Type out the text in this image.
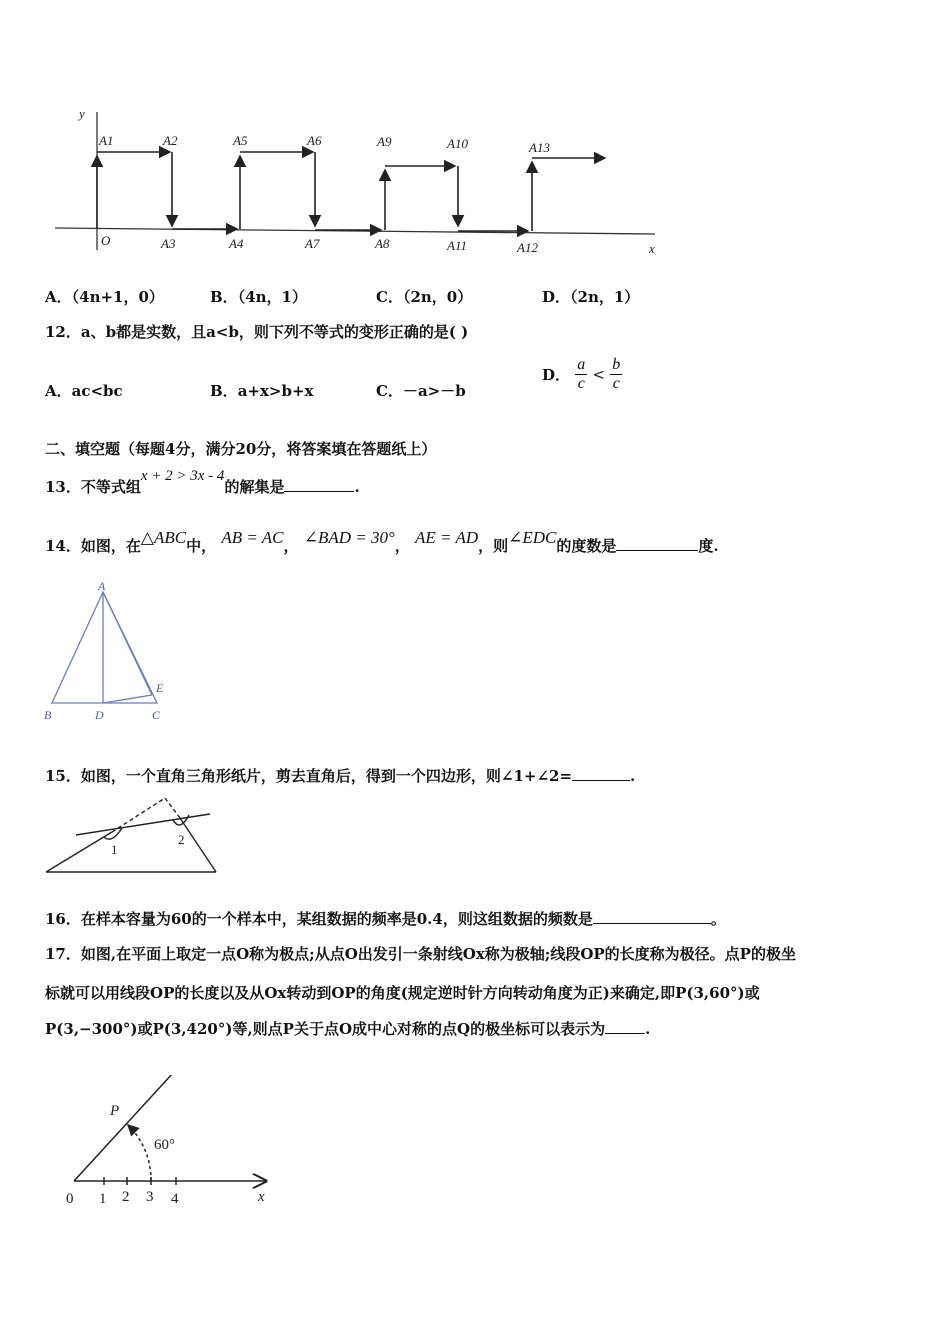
y
x
O
A1	A2
A3	A4
A5	A6
A7	A8
A9	A10
A11	A12
A13
A．（4n+1，0）	B．（4n，1）	C．（2n，0）	D．（2n，1）
12．a、b都是实数，且a<b，则下列不等式的变形正确的是( )
A．ac<bc	B．a+x>b+x	C．－a>－b
D． $\frac{a}{c} < \frac{b}{c}$
二、填空题（每题4分，满分20分，将答案填在答题纸上）
13．不等式组x + 2 > 3x - 4的解集是	.
14．如图，在△ABC中， AB = AC， ∠BAD = 30°， AE = AD，则∠EDC的度数是	度.
A
B	D	C
E
15．如图，一个直角三角形纸片，剪去直角后，得到一个四边形，则∠1+∠2=	.
1
2
16．在样本容量为60的一个样本中，某组数据的频率是0.4，则这组数据的频数是	。
17．如图,在平面上取定一点O称为极点;从点O出发引一条射线Ox称为极轴;线段OP的长度称为极径。点P的极坐
标就可以用线段OP的长度以及从Ox转动到OP的角度(规定逆时针方向转动角度为正)来确定,即P(3,60°)或
P(3,−300°)或P(3,420°)等,则点P关于点O成中心对称的点Q的极坐标可以表示为	.
P
60°
0 1 2 3 4	x
